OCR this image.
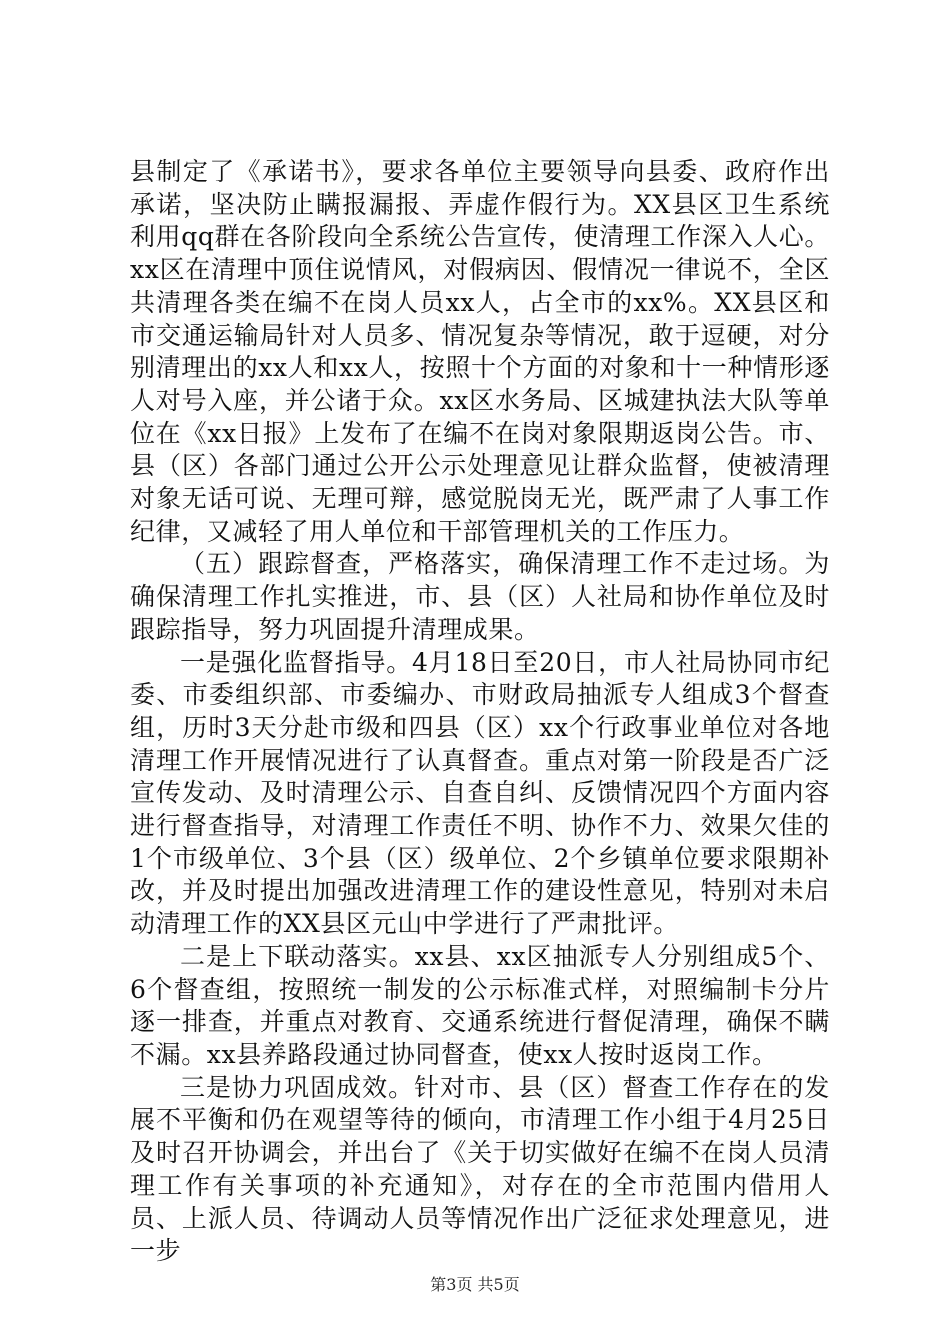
县制定了《承诺书》，要求各单位主要领导向县委、政府作出承诺，坚决防止瞒报漏报、弄虚作假行为。XX县区卫生系统利用qq群在各阶段向全系统公告宣传，使清理工作深入人心。xx区在清理中顶住说情风，对假病因、假情况一律说不，全区共清理各类在编不在岗人员xx人，占全市的xx%。XX县区和市交通运输局针对人员多、情况复杂等情况，敢于逗硬，对分别清理出的xx人和xx人，按照十个方面的对象和十一种情形逐人对号入座，并公诸于众。xx区水务局、区城建执法大队等单位在《xx日报》上发布了在编不在岗对象限期返岗公告。市、县（区）各部门通过公开公示处理意见让群众监督，使被清理对象无话可说、无理可辩，感觉脱岗无光，既严肃了人事工作纪律，又减轻了用人单位和干部管理机关的工作压力。

（五）跟踪督查，严格落实，确保清理工作不走过场。为确保清理工作扎实推进，市、县（区）人社局和协作单位及时跟踪指导，努力巩固提升清理成果。

一是强化监督指导。4月18日至20日，市人社局协同市纪委、市委组织部、市委编办、市财政局抽派专人组成3个督查组，历时3天分赴市级和四县（区）xx个行政事业单位对各地清理工作开展情况进行了认真督查。重点对第一阶段是否广泛宣传发动、及时清理公示、自查自纠、反馈情况四个方面内容进行督查指导，对清理工作责任不明、协作不力、效果欠佳的1个市级单位、3个县（区）级单位、2个乡镇单位要求限期补改，并及时提出加强改进清理工作的建设性意见，特别对未启动清理工作的XX县区元山中学进行了严肃批评。

二是上下联动落实。xx县、xx区抽派专人分别组成5个、6个督查组，按照统一制发的公示标准式样，对照编制卡分片逐一排查，并重点对教育、交通系统进行督促清理，确保不瞒不漏。xx县养路段通过协同督查，使xx人按时返岗工作。

三是协力巩固成效。针对市、县（区）督查工作存在的发展不平衡和仍在观望等待的倾向，市清理工作小组于4月25日及时召开协调会，并出台了《关于切实做好在编不在岗人员清理工作有关事项的补充通知》，对存在的全市范围内借用人员、上派人员、待调动人员等情况作出广泛征求处理意见，进一步

第3页 共5页
